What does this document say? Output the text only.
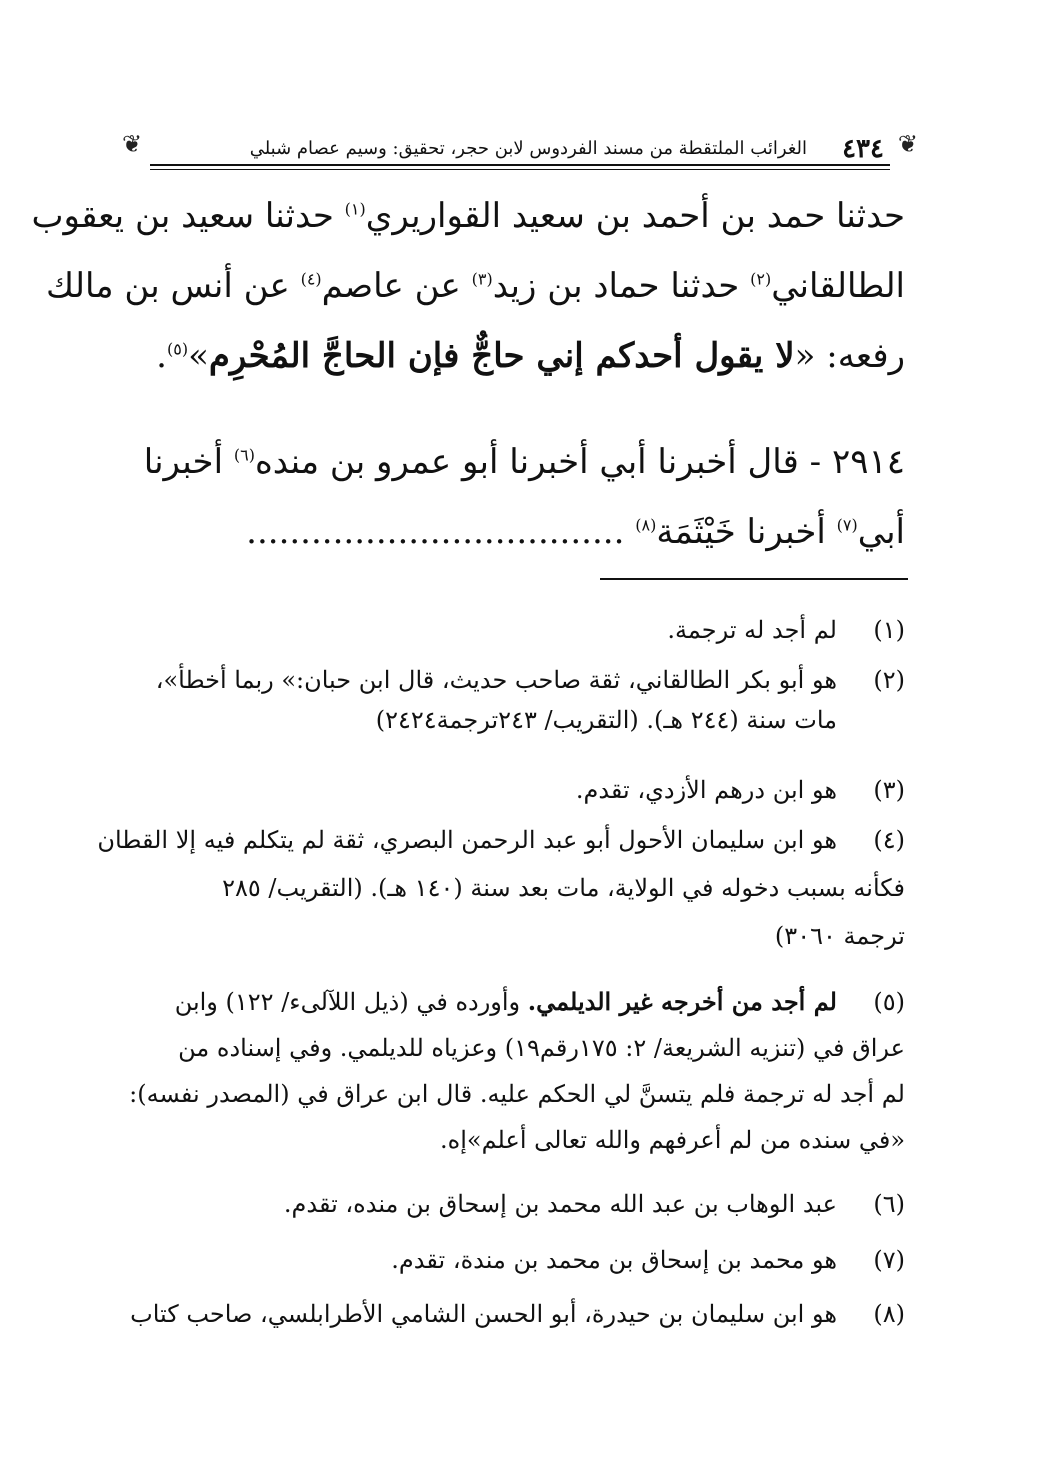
❦
❦	٤٣٤
الغرائب الملتقطة من مسند الفردوس لابن حجر، تحقيق: وسيم عصام شبلي
حدثنا حمد بن أحمد بن سعيد القواريري$^{(١)}$ حدثنا سعيد بن يعقوب
الطالقاني$^{(٢)}$ حدثنا حماد بن زيد$^{(٣)}$ عن عاصم$^{(٤)}$ عن أنس بن مالك
رفعه: «لا يقول أحدكم إني حاجٌّ فإن الحاجَّ المُحْرِم»$^{(٥)}$.
٢٩١٤ - قال أخبرنا أبي أخبرنا أبو عمرو بن منده$^{(٦)}$ أخبرنا
أبي$^{(٧)}$ أخبرنا خَيْثَمَة$^{(٨)}$ ...................................
(١)
لم أجد له ترجمة.
(٢)
هو أبو بكر الطالقاني، ثقة صاحب حديث، قال ابن حبان:» ربما أخطأ»،
مات سنة (٢٤٤ هـ). (التقريب/ ٢٤٣ترجمة٢٤٢٤)
(٣)
هو ابن درهم الأزدي، تقدم.
(٤)
هو ابن سليمان الأحول أبو عبد الرحمن البصري، ثقة لم يتكلم فيه إلا القطان
فكأنه بسبب دخوله في الولاية، مات بعد سنة (١٤٠ هـ). (التقريب/ ٢٨٥
ترجمة ٣٠٦٠)
(٥)
لم أجد من أخرجه غير الديلمي. وأورده في (ذيل اللآلىء/ ١٢٢) وابن
عراق في (تنزيه الشريعة/ ٢: ١٧٥رقم١٩) وعزياه للديلمي. وفي إسناده من
لم أجد له ترجمة فلم يتسنَّ لي الحكم عليه. قال ابن عراق في (المصدر نفسه):
«في سنده من لم أعرفهم والله تعالى أعلم»إه.
(٦)
عبد الوهاب بن عبد الله محمد بن إسحاق بن منده، تقدم.
(٧)
هو محمد بن إسحاق بن محمد بن مندة، تقدم.
(٨)
هو ابن سليمان بن حيدرة، أبو الحسن الشامي الأطرابلسي، صاحب كتاب
